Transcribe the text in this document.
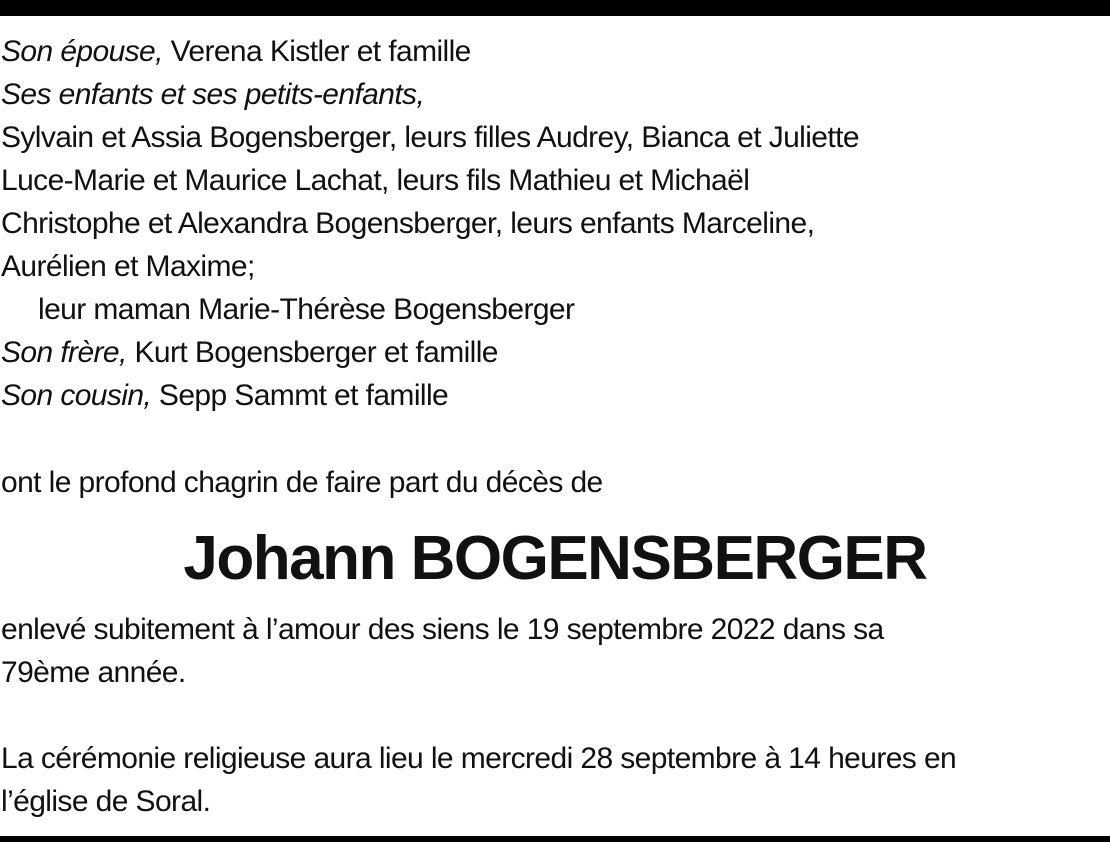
Son épouse, Verena Kistler et famille
Ses enfants et ses petits-enfants,
Sylvain et Assia Bogensberger, leurs filles Audrey, Bianca et Juliette
Luce-Marie et Maurice Lachat, leurs fils Mathieu et Michaël
Christophe et Alexandra Bogensberger, leurs enfants Marceline,
Aurélien et Maxime;
leur maman Marie-Thérèse Bogensberger
Son frère, Kurt Bogensberger et famille
Son cousin, Sepp Sammt et famille
ont le profond chagrin de faire part du décès de
Johann BOGENSBERGER
enlevé subitement à l’amour des siens le 19 septembre 2022 dans sa
79ème année.
La cérémonie religieuse aura lieu le mercredi 28 septembre à 14 heures en
l’église de Soral.
